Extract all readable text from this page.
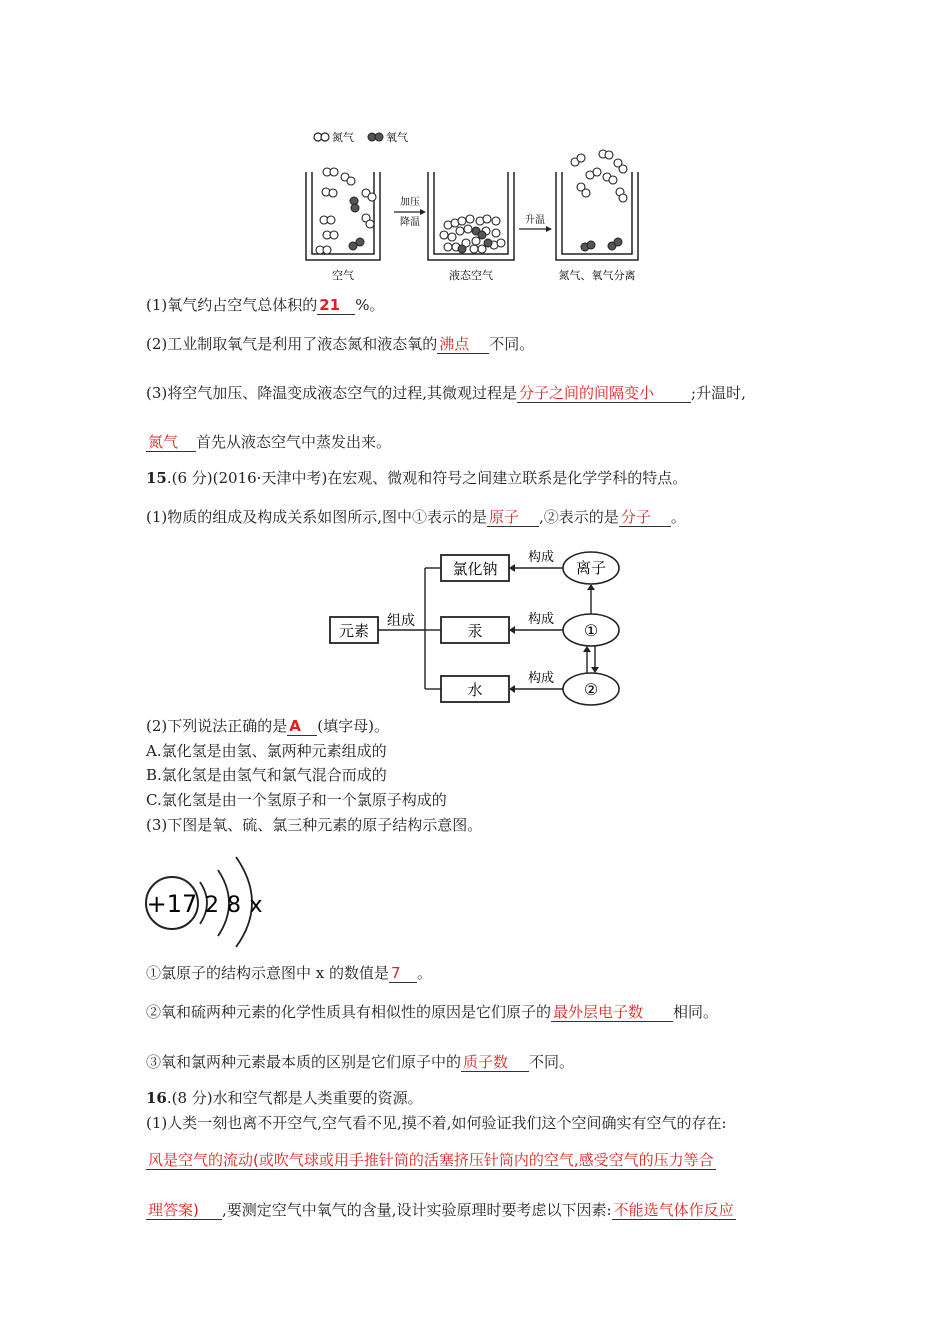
氮气	氧气
空气
加压
降温
液态空气
升温
氮气、氧气分离
(1)氧气约占空气总体积的 21 %。
(2)工业制取氧气是利用了液态氮和液态氧的 沸点 不同。
(3)将空气加压、降温变成液态空气的过程,其微观过程是 分子之间的间隔变小 ;升温时,
氮气 首先从液态空气中蒸发出来。
15.(6 分)(2016·天津中考)在宏观、微观和符号之间建立联系是化学学科的特点。
(1)物质的组成及构成关系如图所示,图中①表示的是 原子 ,②表示的是 分子 。
元素
组成
氯化钠
汞
水
构成
构成
构成
离子
①
②
(2)下列说法正确的是 A (填字母)。
A.氯化氢是由氢、氯两种元素组成的
B.氯化氢是由氢气和氯气混合而成的
C.氯化氢是由一个氢原子和一个氯原子构成的
(3)下图是氧、硫、氯三种元素的原子结构示意图。
+17 2 8 x
①氯原子的结构示意图中 x 的数值是 7 。
②氧和硫两种元素的化学性质具有相似性的原因是它们原子的 最外层电子数 相同。
③氧和氯两种元素最本质的区别是它们原子中的 质子数 不同。
16.(8 分)水和空气都是人类重要的资源。
(1)人类一刻也离不开空气,空气看不见,摸不着,如何验证我们这个空间确实有空气的存在:
风是空气的流动(或吹气球或用手推针筒的活塞挤压针筒内的空气,感受空气的压力等合
理答案) ,要测定空气中氧气的含量,设计实验原理时要考虑以下因素: 不能选气体作反应
